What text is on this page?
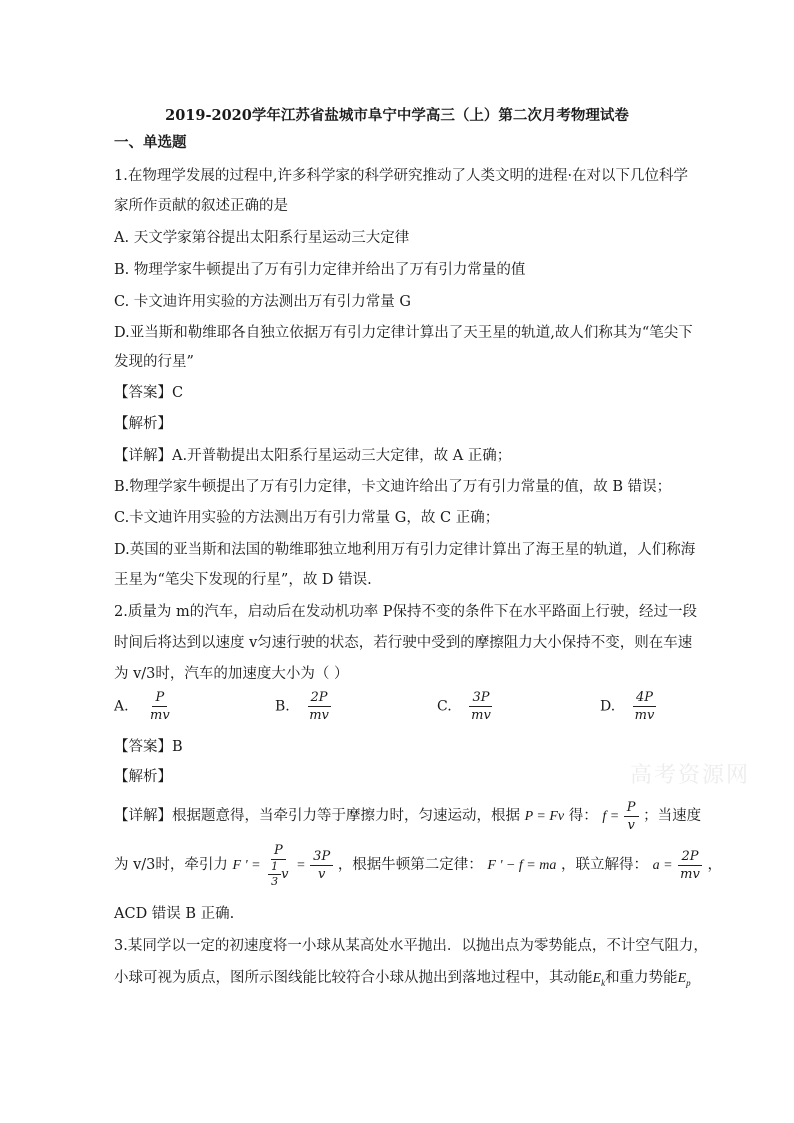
2019-2020学年江苏省盐城市阜宁中学高三（上）第二次月考物理试卷
一、单选题
1.在物理学发展的过程中,许多科学家的科学研究推动了人类文明的进程·在对以下几位科学
家所作贡献的叙述正确的是
A. 天文学家第谷提出太阳系行星运动三大定律
B. 物理学家牛顿提出了万有引力定律并给出了万有引力常量的值
C. 卡文迪许用实验的方法测出万有引力常量 G
D.亚当斯和勒维耶各自独立依据万有引力定律计算出了天王星的轨道,故人们称其为“笔尖下
发现的行星”
【答案】C
【解析】
【详解】A.开普勒提出太阳系行星运动三大定律，故 A 正确；
B.物理学家牛顿提出了万有引力定律，卡文迪许给出了万有引力常量的值，故 B 错误；
C.卡文迪许用实验的方法测出万有引力常量 G，故 C 正确；
D.英国的亚当斯和法国的勒维耶独立地利用万有引力定律计算出了海王星的轨道，人们称海
王星为“笔尖下发现的行星”，故 D 错误.
2.质量为 m的汽车，启动后在发动机功率 P保持不变的条件下在水平路面上行驶，经过一段
时间后将达到以速度 v匀速行驶的状态，若行驶中受到的摩擦阻力大小保持不变，则在车速
为 v/3时，汽车的加速度大小为（ ）
A. $\frac{P}{mv}$	B. $\frac{2P}{mv}$	C. $\frac{3P}{mv}$	D. $\frac{4P}{mv}$
【答案】B
【解析】
【详解】根据题意得，当牵引力等于摩擦力时，匀速运动，根据 P = Fv 得： $f = \frac{P}{v}$ ；当速度
为 v/3时，牵引力 F ' = $\frac{P}{\frac{1}{3} v} = \frac{3P}{v}$ ，根据牛顿第二定律： F ' − f = ma ，联立解得： $a = \frac{2P}{mv}$ ，
ACD 错误 B 正确.
3.某同学以一定的初速度将一小球从某高处水平抛出．以抛出点为零势能点，不计空气阻力，
小球可视为质点，图所示图线能比较符合小球从抛出到落地过程中，其动能$E_k$和重力势能$E_p$
高考资源网
